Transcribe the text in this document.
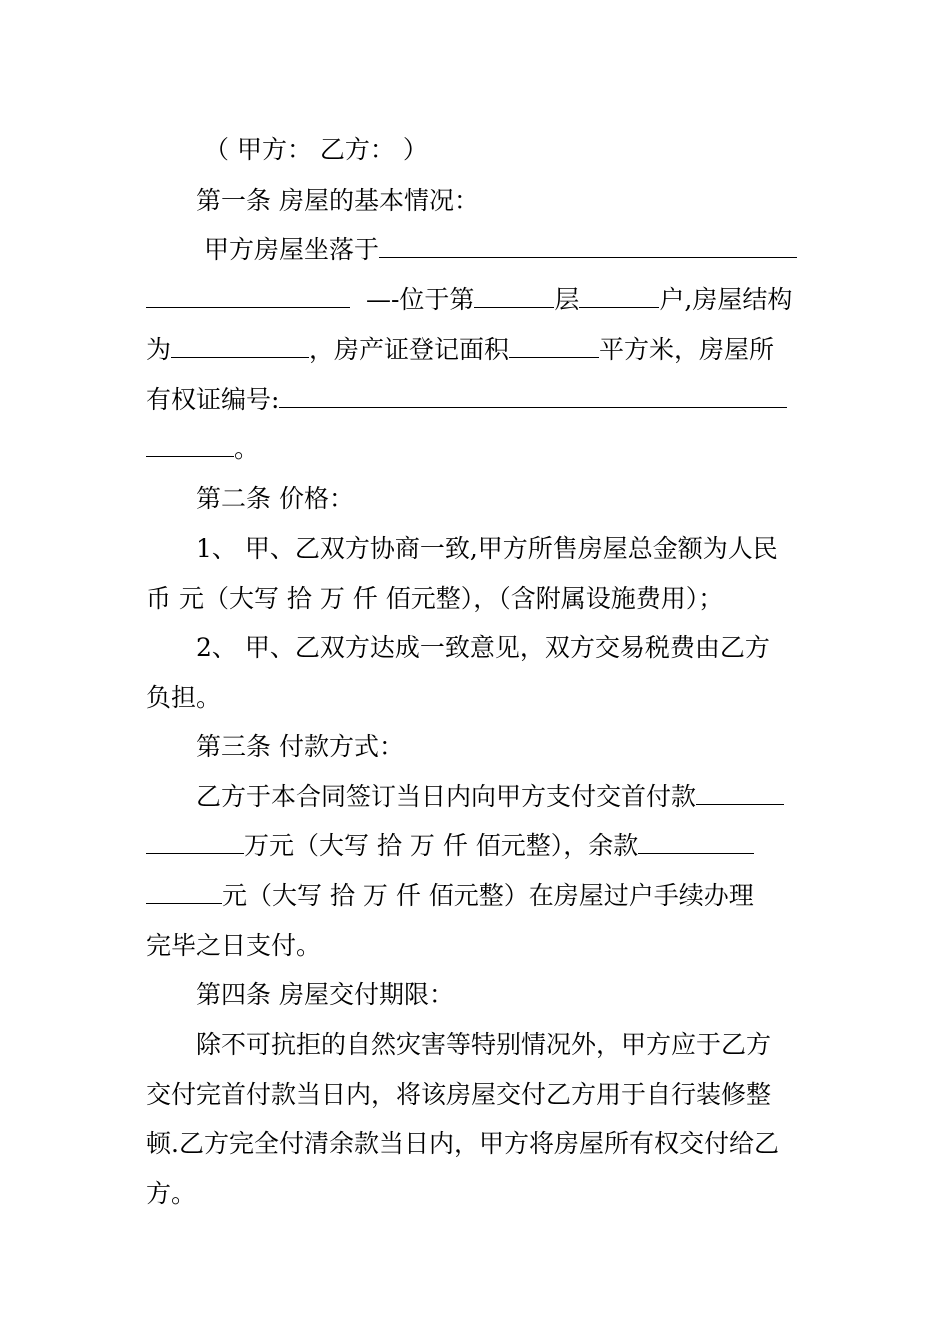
（ 甲方： 乙方： ）
第一条 房屋的基本情况：
甲方房屋坐落于
—-位于第	层	户,房屋结构
为	，房产证登记面积	平方米，房屋所
有权证编号:
。
第二条 价格：
1、 甲、乙双方协商一致,甲方所售房屋总金额为人民
币 元（大写 拾 万 仟 佰元整），（含附属设施费用）；
2、 甲、乙双方达成一致意见，双方交易税费由乙方
负担。
第三条 付款方式：
乙方于本合同签订当日内向甲方支付交首付款
万元（大写 拾 万 仟 佰元整），余款
元（大写 拾 万 仟 佰元整）在房屋过户手续办理
完毕之日支付。
第四条 房屋交付期限：
除不可抗拒的自然灾害等特别情况外，甲方应于乙方
交付完首付款当日内，将该房屋交付乙方用于自行装修整
顿.乙方完全付清余款当日内，甲方将房屋所有权交付给乙
方。
